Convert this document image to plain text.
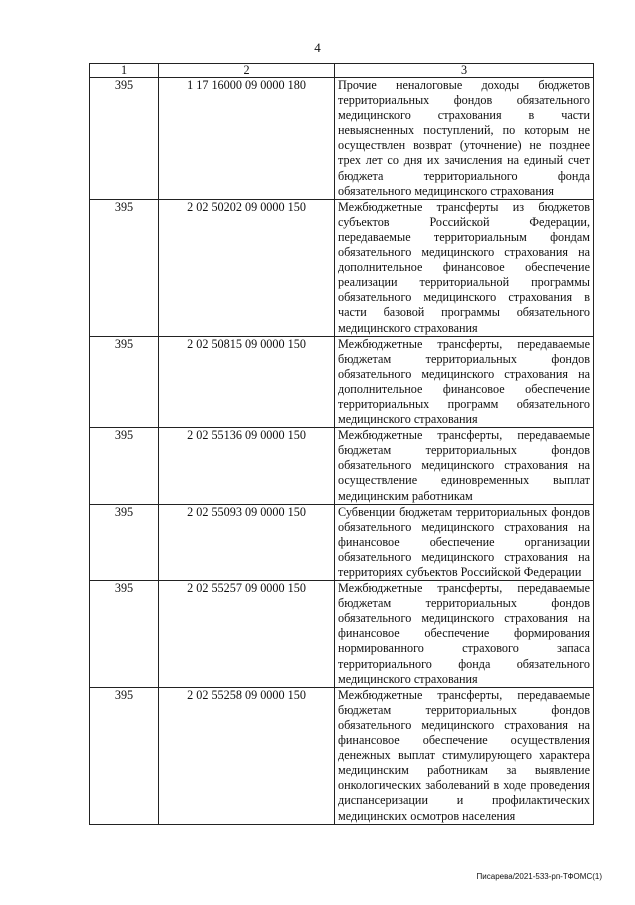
4
1	2	3
395	1 17 16000 09 0000 180	Прочие неналоговые доходы бюджетов территориальных фондов обязательного медицинского страхования в части невыясненных поступлений, по которым не осуществлен возврат (уточнение) не позднее трех лет со дня их зачисления на единый счет бюджета территориального фонда обязательного медицинского страхования
395	2 02 50202 09 0000 150	Межбюджетные трансферты из бюджетов субъектов Российской Федерации, передаваемые территориальным фондам обязательного медицинского страхования на дополнительное финансовое обеспечение реализации территориальной программы обязательного медицинского страхования в части базовой программы обязательного медицинского страхования
395	2 02 50815 09 0000 150	Межбюджетные трансферты, передаваемые бюджетам территориальных фондов обязательного медицинского страхования на дополнительное финансовое обеспечение территориальных программ обязательного медицинского страхования
395	2 02 55136 09 0000 150	Межбюджетные трансферты, передаваемые бюджетам территориальных фондов обязательного медицинского страхования на осуществление единовременных выплат медицинским работникам
395	2 02 55093 09 0000 150	Субвенции бюджетам территориальных фондов обязательного медицинского страхования на финансовое обеспечение организации обязательного медицинского страхования на территориях субъектов Российской Федерации
395	2 02 55257 09 0000 150	Межбюджетные трансферты, передаваемые бюджетам территориальных фондов обязательного медицинского страхования на финансовое обеспечение формирования нормированного страхового запаса территориального фонда обязательного медицинского страхования
395	2 02 55258 09 0000 150	Межбюджетные трансферты, передаваемые бюджетам территориальных фондов обязательного медицинского страхования на финансовое обеспечение осуществления денежных выплат стимулирующего характера медицинским работникам за выявление онкологических заболеваний в ходе проведения диспансеризации и профилактических медицинских осмотров населения
Писарева/2021-533-рп-ТФОМС(1)
